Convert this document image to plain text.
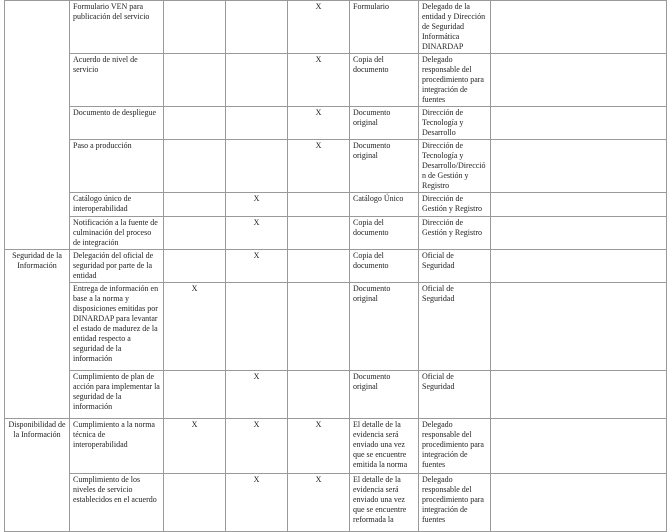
	Formulario VEN para publicación del servicio			X	Formulario	Delegado de la entidad y Dirección de Seguridad Informática DINARDAP	
	Acuerdo de nivel de servicio			X	Copia del documento	Delegado responsable del procedimiento para integración de fuentes	
	Documento de despliegue			X	Documento original	Dirección de Tecnología y Desarrollo	
	Paso a producción			X	Documento original	Dirección de Tecnología y Desarrollo/Dirección de Gestión y Registro	
	Catálogo único de interoperabilidad		X		Catálogo Único	Dirección de Gestión y Registro	
	Notificación a la fuente de culminación del proceso de integración		X		Copia del documento	Dirección de Gestión y Registro	
Seguridad de la Información	Delegación del oficial de seguridad por parte de la entidad		X		Copia del documento	Oficial de Seguridad	
	Entrega de información en base a la norma y disposiciones emitidas por DINARDAP para levantar el estado de madurez de la entidad respecto a seguridad de la información	X			Documento original	Oficial de Seguridad	
	Cumplimiento de plan de acción para implementar la seguridad de la información		X		Documento original	Oficial de Seguridad	
Disponibilidad de la Información	Cumplimiento a la norma técnica de interoperabilidad	X	X	X	El detalle de la evidencia será enviado una vez que se encuentre emitida la norma	Delegado responsable del procedimiento para integración de fuentes	
	Cumplimiento de los niveles de servicio establecidos en el acuerdo		X	X	El detalle de la evidencia será enviado una vez que se encuentre reformada la	Delegado responsable del procedimiento para integración de fuentes	
